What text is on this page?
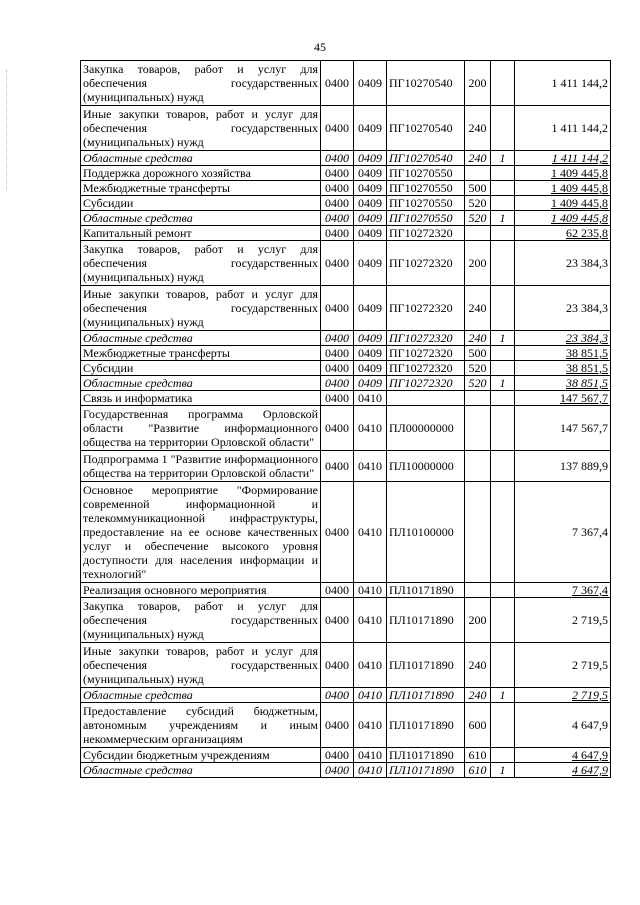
45
Закупка товаров, работ и услуг для обеспечения государственных (муниципальных) нужд	0400	0409	ПГ10270540	200		1 411 144,2
Иные закупки товаров, работ и услуг для обеспечения государственных (муниципальных) нужд	0400	0409	ПГ10270540	240		1 411 144,2
Областные средства	0400	0409	ПГ10270540	240	1	1 411 144,2
Поддержка дорожного хозяйства	0400	0409	ПГ10270550			1 409 445,8
Межбюджетные трансферты	0400	0409	ПГ10270550	500		1 409 445,8
Субсидии	0400	0409	ПГ10270550	520		1 409 445,8
Областные средства	0400	0409	ПГ10270550	520	1	1 409 445,8
Капитальный ремонт	0400	0409	ПГ10272320			62 235,8
Закупка товаров, работ и услуг для обеспечения государственных (муниципальных) нужд	0400	0409	ПГ10272320	200		23 384,3
Иные закупки товаров, работ и услуг для обеспечения государственных (муниципальных) нужд	0400	0409	ПГ10272320	240		23 384,3
Областные средства	0400	0409	ПГ10272320	240	1	23 384,3
Межбюджетные трансферты	0400	0409	ПГ10272320	500		38 851,5
Субсидии	0400	0409	ПГ10272320	520		38 851,5
Областные средства	0400	0409	ПГ10272320	520	1	38 851,5
Связь и информатика	0400	0410				147 567,7
Государственная программа Орловской области "Развитие информационного общества на территории Орловской области"	0400	0410	ПЛ00000000			147 567,7
Подпрограмма 1 "Развитие информационного общества на территории Орловской области"	0400	0410	ПЛ10000000			137 889,9
Основное мероприятие "Формирование современной информационной и телекоммуникационной инфраструктуры, предоставление на ее основе качественных услуг и обеспечение высокого уровня доступности для населения информации и технологий"	0400	0410	ПЛ10100000			7 367,4
Реализация основного мероприятия	0400	0410	ПЛ10171890			7 367,4
Закупка товаров, работ и услуг для обеспечения государственных (муниципальных) нужд	0400	0410	ПЛ10171890	200		2 719,5
Иные закупки товаров, работ и услуг для обеспечения государственных (муниципальных) нужд	0400	0410	ПЛ10171890	240		2 719,5
Областные средства	0400	0410	ПЛ10171890	240	1	2 719,5
Предоставление субсидий бюджетным, автономным учреждениям и иным некоммерческим организациям	0400	0410	ПЛ10171890	600		4 647,9
Субсидии бюджетным учреждениям	0400	0410	ПЛ10171890	610		4 647,9
Областные средства	0400	0410	ПЛ10171890	610	1	4 647,9
